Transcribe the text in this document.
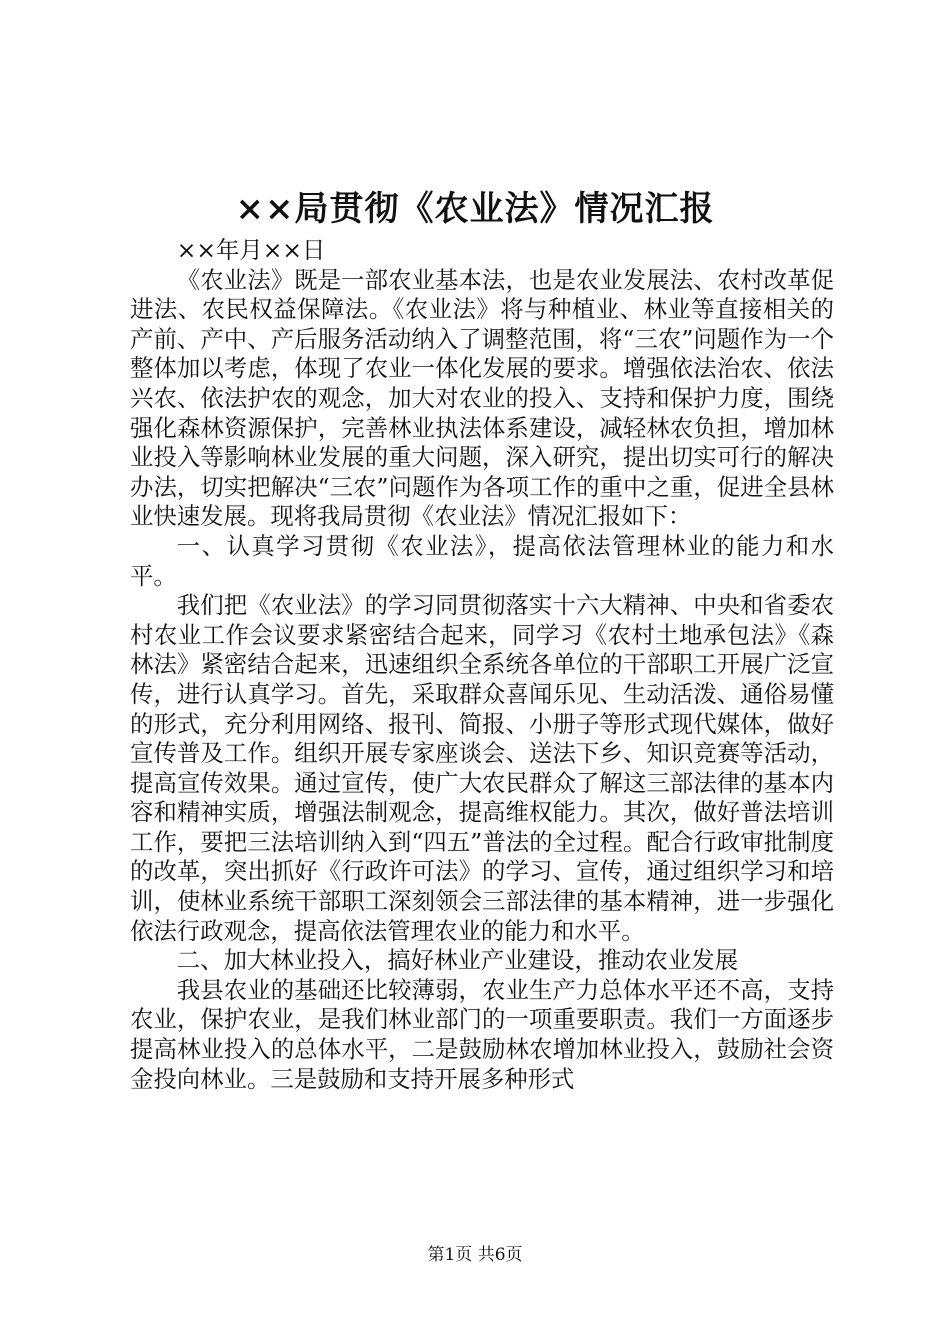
××局贯彻《农业法》情况汇报

××年月××日

《农业法》既是一部农业基本法，也是农业发展法、农村改革促进法、农民权益保障法。《农业法》将与种植业、林业等直接相关的产前、产中、产后服务活动纳入了调整范围，将“三农”问题作为一个整体加以考虑，体现了农业一体化发展的要求。增强依法治农、依法兴农、依法护农的观念，加大对农业的投入、支持和保护力度，围绕强化森林资源保护，完善林业执法体系建设，减轻林农负担，增加林业投入等影响林业发展的重大问题，深入研究，提出切实可行的解决办法，切实把解决“三农”问题作为各项工作的重中之重，促进全县林业快速发展。现将我局贯彻《农业法》情况汇报如下：

一、认真学习贯彻《农业法》，提高依法管理林业的能力和水平。

我们把《农业法》的学习同贯彻落实十六大精神、中央和省委农村农业工作会议要求紧密结合起来，同学习《农村土地承包法》《森林法》紧密结合起来，迅速组织全系统各单位的干部职工开展广泛宣传，进行认真学习。首先，采取群众喜闻乐见、生动活泼、通俗易懂的形式，充分利用网络、报刊、简报、小册子等形式现代媒体，做好宣传普及工作。组织开展专家座谈会、送法下乡、知识竞赛等活动，提高宣传效果。通过宣传，使广大农民群众了解这三部法律的基本内容和精神实质，增强法制观念，提高维权能力。其次，做好普法培训工作，要把三法培训纳入到“四五”普法的全过程。配合行政审批制度的改革，突出抓好《行政许可法》的学习、宣传，通过组织学习和培训，使林业系统干部职工深刻领会三部法律的基本精神，进一步强化依法行政观念，提高依法管理农业的能力和水平。

二、加大林业投入，搞好林业产业建设，推动农业发展

我县农业的基础还比较薄弱，农业生产力总体水平还不高，支持农业，保护农业，是我们林业部门的一项重要职责。我们一方面逐步提高林业投入的总体水平，二是鼓励林农增加林业投入，鼓励社会资金投向林业。三是鼓励和支持开展多种形式

第1页 共6页
